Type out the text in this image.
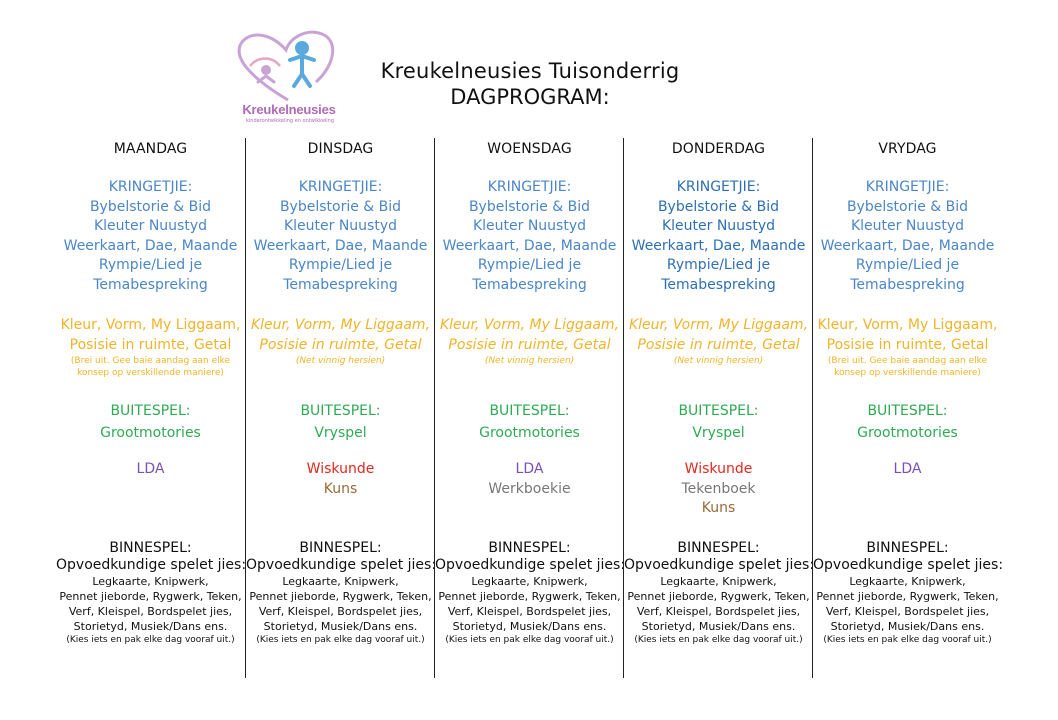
Kreukelneusies
kinderontwikkeling en ontwikkeling
Kreukelneusies Tuisonderrig
DAGPROGRAM:
MAANDAG
KRINGETJIE:
Bybelstorie & Bid
Kleuter Nuustyd
Weerkaart, Dae, Maande
Rympie/Lied je
Temabespreking
Kleur, Vorm, My Liggaam,
Posisie in ruimte, Getal
(Brei uit. Gee baie aandag aan elke
konsep op verskillende maniere)
BUITESPEL:
Grootmotories
LDA
BINNESPEL:
Opvoedkundige spelet jies:
Legkaarte, Knipwerk,
Pennet jieborde, Rygwerk, Teken,
Verf, Kleispel, Bordspelet jies,
Storietyd, Musiek/Dans ens.
(Kies iets en pak elke dag vooraf uit.)
DINSDAG
KRINGETJIE:
Bybelstorie & Bid
Kleuter Nuustyd
Weerkaart, Dae, Maande
Rympie/Lied je
Temabespreking
Kleur, Vorm, My Liggaam,
Posisie in ruimte, Getal
(Net vinnig hersien)
BUITESPEL:
Vryspel
Wiskunde
Kuns
BINNESPEL:
Opvoedkundige spelet jies:
Legkaarte, Knipwerk,
Pennet jieborde, Rygwerk, Teken,
Verf, Kleispel, Bordspelet jies,
Storietyd, Musiek/Dans ens.
(Kies iets en pak elke dag vooraf uit.)
WOENSDAG
KRINGETJIE:
Bybelstorie & Bid
Kleuter Nuustyd
Weerkaart, Dae, Maande
Rympie/Lied je
Temabespreking
Kleur, Vorm, My Liggaam,
Posisie in ruimte, Getal
(Net vinnig hersien)
BUITESPEL:
Grootmotories
LDA
Werkboekie
BINNESPEL:
Opvoedkundige spelet jies:
Legkaarte, Knipwerk,
Pennet jieborde, Rygwerk, Teken,
Verf, Kleispel, Bordspelet jies,
Storietyd, Musiek/Dans ens.
(Kies iets en pak elke dag vooraf uit.)
DONDERDAG
KRINGETJIE:
Bybelstorie & Bid
Kleuter Nuustyd
Weerkaart, Dae, Maande
Rympie/Lied je
Temabespreking
Kleur, Vorm, My Liggaam,
Posisie in ruimte, Getal
(Net vinnig hersien)
BUITESPEL:
Vryspel
Wiskunde
Tekenboek
Kuns
BINNESPEL:
Opvoedkundige spelet jies:
Legkaarte, Knipwerk,
Pennet jieborde, Rygwerk, Teken,
Verf, Kleispel, Bordspelet jies,
Storietyd, Musiek/Dans ens.
(Kies iets en pak elke dag vooraf uit.)
VRYDAG
KRINGETJIE:
Bybelstorie & Bid
Kleuter Nuustyd
Weerkaart, Dae, Maande
Rympie/Lied je
Temabespreking
Kleur, Vorm, My Liggaam,
Posisie in ruimte, Getal
(Brei uit. Gee baie aandag aan elke
konsep op verskillende maniere)
BUITESPEL:
Grootmotories
LDA
BINNESPEL:
Opvoedkundige spelet jies:
Legkaarte, Knipwerk,
Pennet jieborde, Rygwerk, Teken,
Verf, Kleispel, Bordspelet jies,
Storietyd, Musiek/Dans ens.
(Kies iets en pak elke dag vooraf uit.)
